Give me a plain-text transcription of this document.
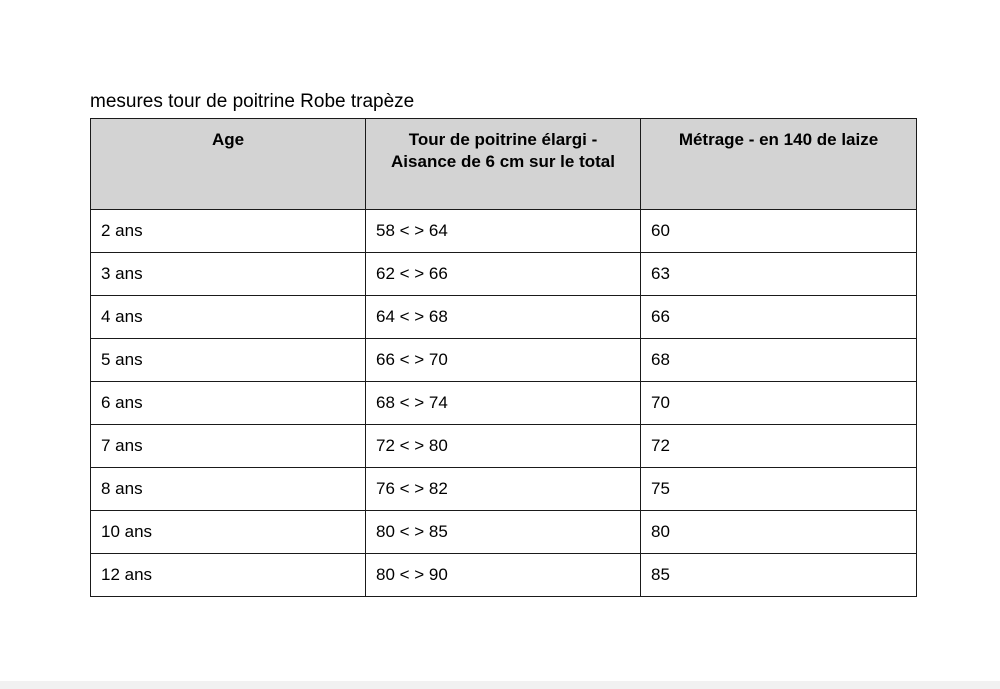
mesures tour de poitrine Robe trapèze

Age	Tour de poitrine élargi - Aisance de 6 cm sur le total	Métrage - en 140 de laize
2 ans	58 < > 64	60
3 ans	62 < > 66	63
4 ans	64 < > 68	66
5 ans	66 < > 70	68
6 ans	68 < > 74	70
7 ans	72 < > 80	72
8 ans	76 < > 82	75
10 ans	80 < > 85	80
12 ans	80 < > 90	85
